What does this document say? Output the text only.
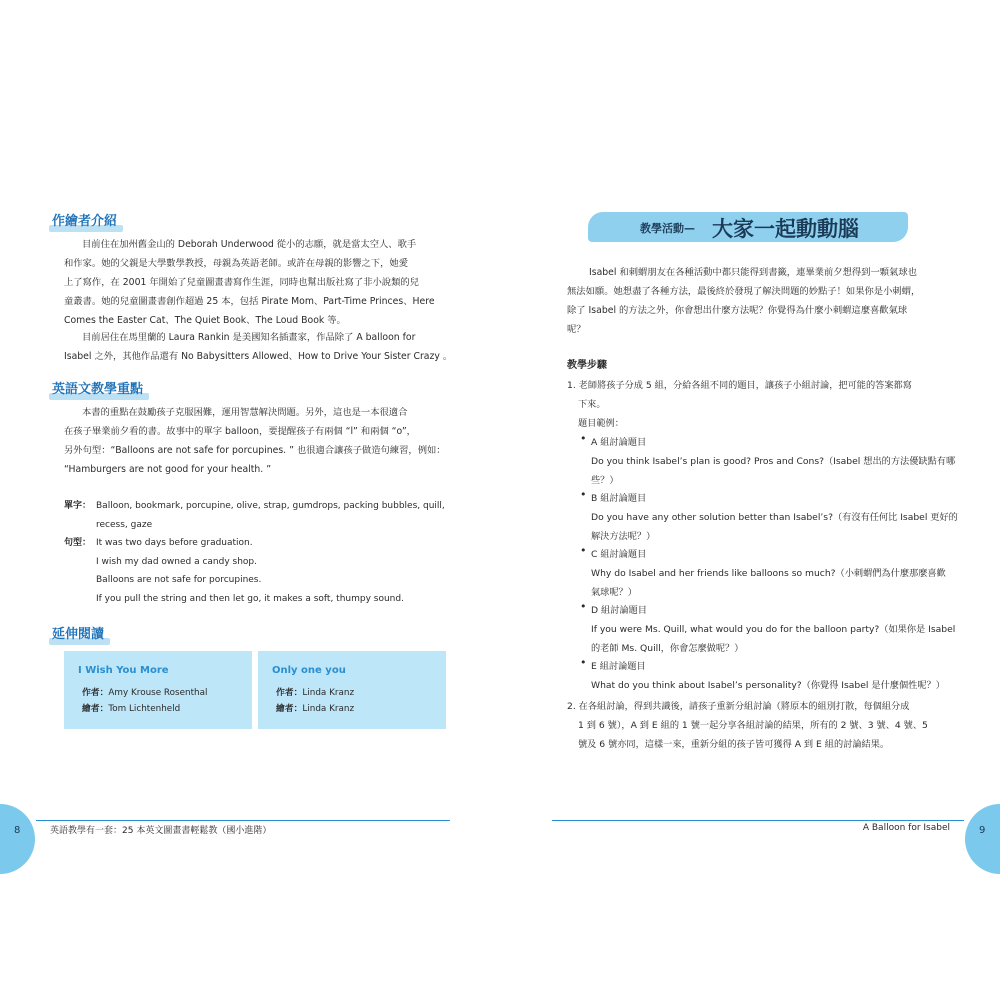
作繪者介紹
目前住在加州舊金山的 Deborah Underwood 從小的志願，就是當太空人、歌手
和作家。她的父親是大學數學教授，母親為英語老師。或許在母親的影響之下，她愛
上了寫作，在 2001 年開始了兒童圖畫書寫作生涯，同時也幫出版社寫了非小說類的兒
童叢書。她的兒童圖畫書創作超過 25 本，包括 Pirate Mom、Part-Time Princes、Here
Comes the Easter Cat、The Quiet Book、The Loud Book 等。
目前居住在馬里蘭的 Laura Rankin 是美國知名插畫家，作品除了 A balloon for
Isabel 之外，其他作品還有 No Babysitters Allowed、How to Drive Your Sister Crazy 。
英語文教學重點
本書的重點在鼓勵孩子克服困難，運用智慧解決問題。另外，這也是一本很適合
在孩子畢業前夕看的書。故事中的單字 balloon，要提醒孩子有兩個 “l” 和兩個 “o”，
另外句型：“Balloons are not safe for porcupines. ” 也很適合讓孩子做造句練習，例如：
“Hamburgers are not good for your health. ”
單字： Balloon, bookmark, porcupine, olive, strap, gumdrops, packing bubbles, quill,
recess, gaze
句型： It was two days before graduation.
I wish my dad owned a candy shop.
Balloons are not safe for porcupines.
If you pull the string and then let go, it makes a soft, thumpy sound.
延伸閱讀
I Wish You More
作者：Amy Krouse Rosenthal
繪者：Tom Lichtenheld
Only one you
作者：Linda Kranz
繪者：Linda Kranz
8	英語教學有一套：25 本英文圖畫書輕鬆教（國小進階）
教學活動— 大家一起動動腦
Isabel 和刺蝟朋友在各種活動中都只能得到書籤，連畢業前夕想得到一顆氣球也
無法如願。她想盡了各種方法，最後終於發現了解決問題的妙點子！如果你是小刺蝟，
除了 Isabel 的方法之外，你會想出什麼方法呢？你覺得為什麼小刺蝟這麼喜歡氣球
呢？
教學步驟
1. 老師將孩子分成 5 組，分給各組不同的題目，讓孩子小組討論，把可能的答案都寫
下來。
題目範例：
• A 組討論題目
Do you think Isabel’s plan is good? Pros and Cons?（Isabel 想出的方法優缺點有哪
些？）
• B 組討論題目
Do you have any other solution better than Isabel’s?（有沒有任何比 Isabel 更好的
解決方法呢？）
• C 組討論題目
Why do Isabel and her friends like balloons so much?（小刺蝟們為什麼那麼喜歡
氣球呢？）
• D 組討論題目
If you were Ms. Quill, what would you do for the balloon party?（如果你是 Isabel
的老師 Ms. Quill，你會怎麼做呢？）
• E 組討論題目
What do you think about Isabel’s personality?（你覺得 Isabel 是什麼個性呢？）
2. 在各組討論，得到共識後，請孩子重新分組討論（將原本的組別打散，每個組分成
1 到 6 號），A 到 E 組的 1 號一起分享各組討論的結果，所有的 2 號、3 號、4 號、5
號及 6 號亦同，這樣一來，重新分組的孩子皆可獲得 A 到 E 組的討論結果。
A Balloon for Isabel	9
